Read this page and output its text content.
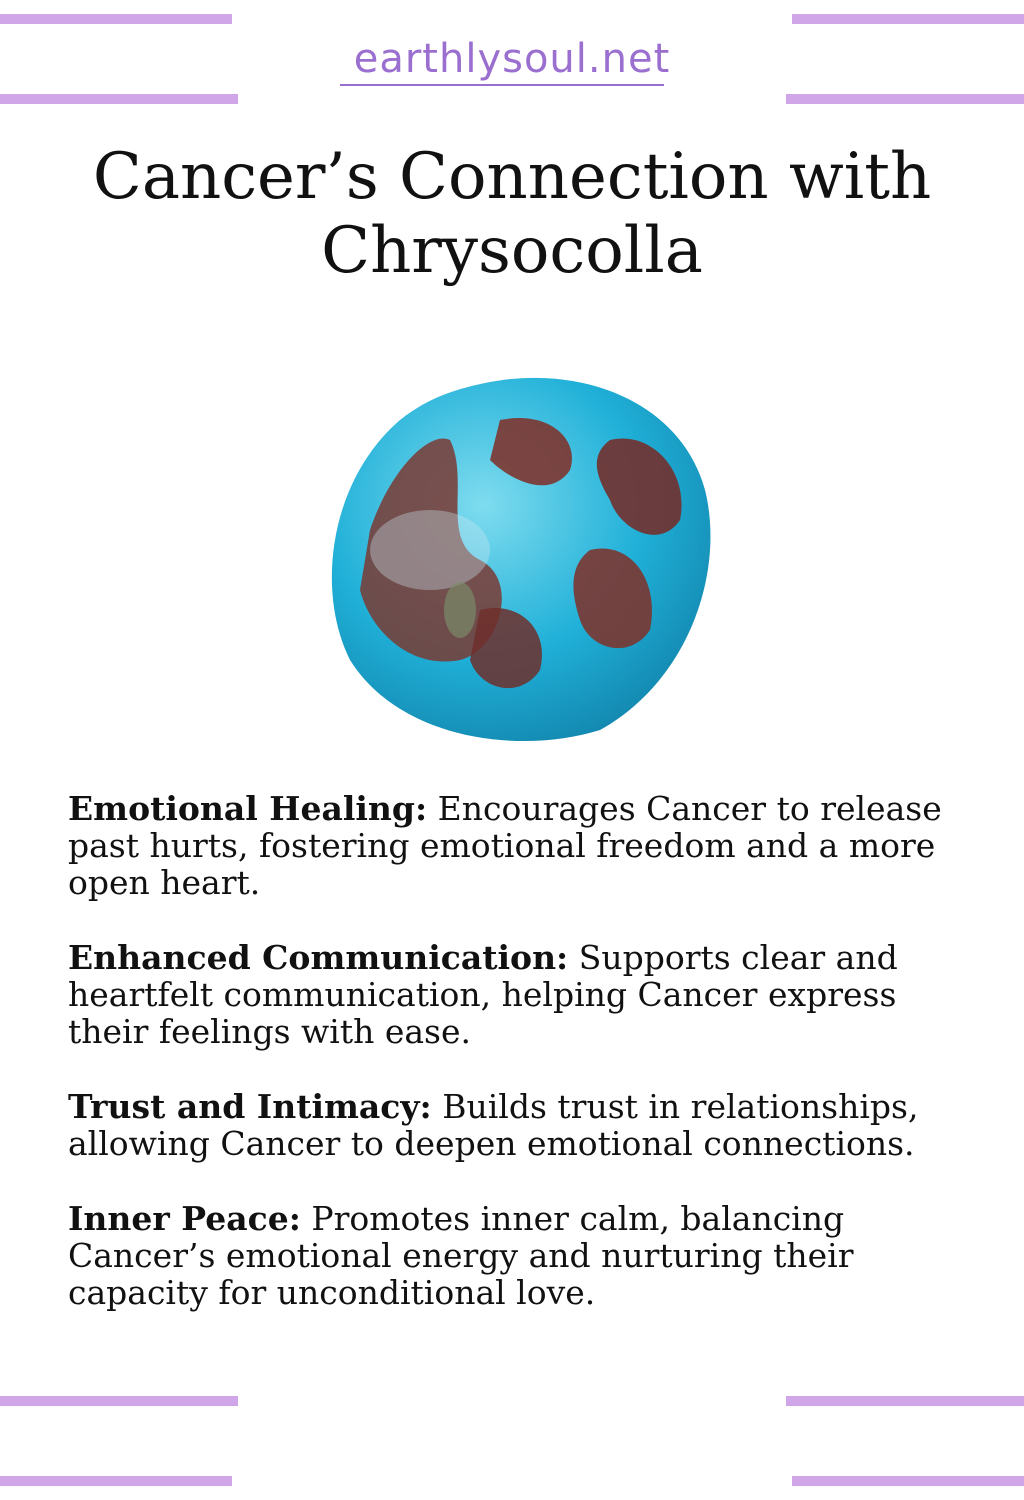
earthlysoul.net
Cancer’s Connection with
Chrysocolla

Emotional Healing: Encourages Cancer to release past hurts, fostering emotional freedom and a more open heart.

Enhanced Communication: Supports clear and heartfelt communication, helping Cancer express their feelings with ease.

Trust and Intimacy: Builds trust in relationships, allowing Cancer to deepen emotional connections.

Inner Peace: Promotes inner calm, balancing Cancer’s emotional energy and nurturing their capacity for unconditional love.
